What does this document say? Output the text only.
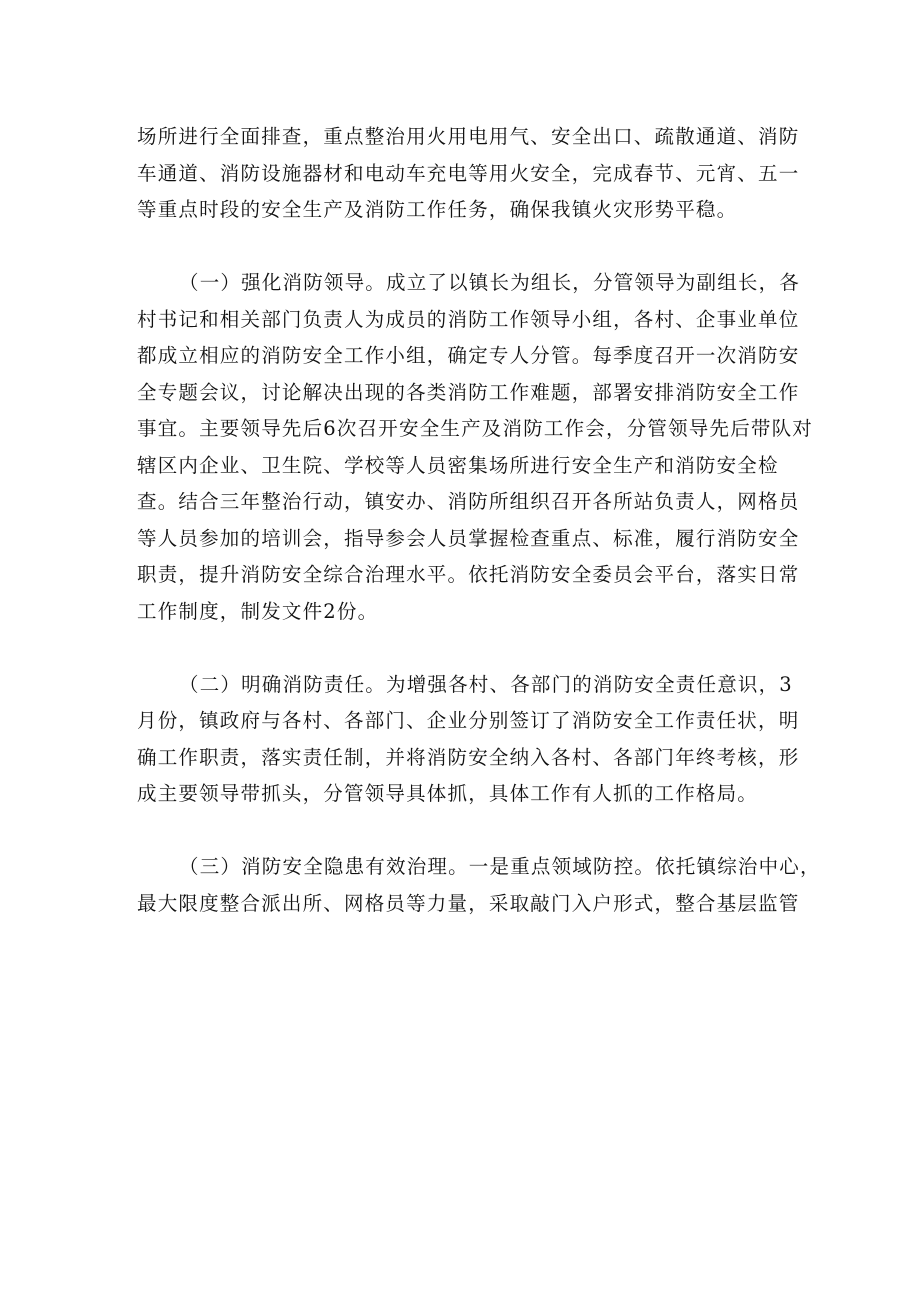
场所进行全面排查，重点整治用火用电用气、安全出口、疏散通道、消防
车通道、消防设施器材和电动车充电等用火安全，完成春节、元宵、五一
等重点时段的安全生产及消防工作任务，确保我镇火灾形势平稳。

（一）强化消防领导。成立了以镇长为组长，分管领导为副组长，各
村书记和相关部门负责人为成员的消防工作领导小组，各村、企事业单位
都成立相应的消防安全工作小组，确定专人分管。每季度召开一次消防安
全专题会议，讨论解决出现的各类消防工作难题，部署安排消防安全工作
事宜。主要领导先后6次召开安全生产及消防工作会，分管领导先后带队对
辖区内企业、卫生院、学校等人员密集场所进行安全生产和消防安全检
查。结合三年整治行动，镇安办、消防所组织召开各所站负责人，网格员
等人员参加的培训会，指导参会人员掌握检查重点、标准，履行消防安全
职责，提升消防安全综合治理水平。依托消防安全委员会平台，落实日常
工作制度，制发文件2份。

（二）明确消防责任。为增强各村、各部门的消防安全责任意识，3
月份，镇政府与各村、各部门、企业分别签订了消防安全工作责任状，明
确工作职责，落实责任制，并将消防安全纳入各村、各部门年终考核，形
成主要领导带抓头，分管领导具体抓，具体工作有人抓的工作格局。

（三）消防安全隐患有效治理。一是重点领域防控。依托镇综治中心，
最大限度整合派出所、网格员等力量，采取敲门入户形式，整合基层监管
